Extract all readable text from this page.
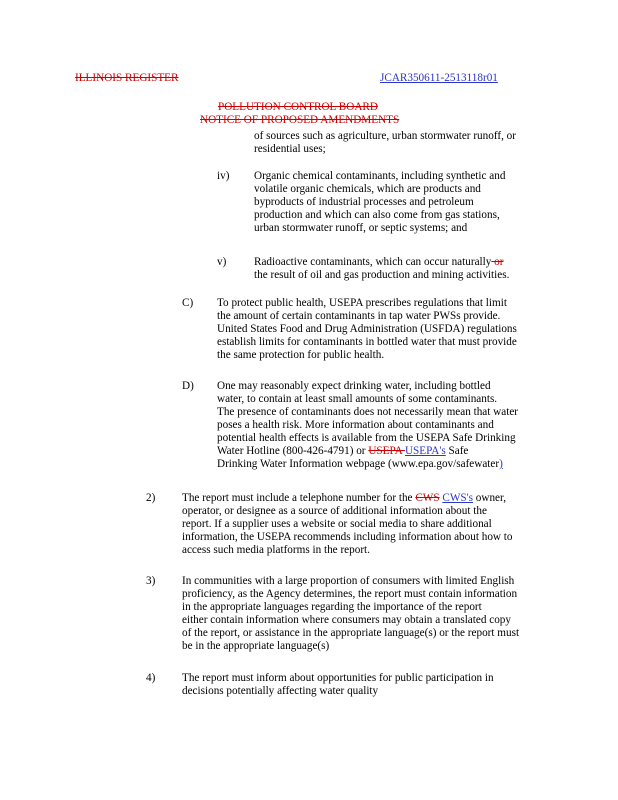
ILLINOIS REGISTER	JCAR350611-2513118r01
POLLUTION CONTROL BOARD
NOTICE OF PROPOSED AMENDMENTS
of sources such as agriculture, urban stormwater runoff, or
residential uses;
iv) Organic chemical contaminants, including synthetic and
volatile organic chemicals, which are products and
byproducts of industrial processes and petroleum
production and which can also come from gas stations,
urban stormwater runoff, or septic systems; and
v) Radioactive contaminants, which can occur naturally or
the result of oil and gas production and mining activities.
C) To protect public health, USEPA prescribes regulations that limit
the amount of certain contaminants in tap water PWSs provide.
United States Food and Drug Administration (USFDA) regulations
establish limits for contaminants in bottled water that must provide
the same protection for public health.
D) One may reasonably expect drinking water, including bottled
water, to contain at least small amounts of some contaminants.
The presence of contaminants does not necessarily mean that water
poses a health risk. More information about contaminants and
potential health effects is available from the USEPA Safe Drinking
Water Hotline (800-426-4791) or USEPA USEPA's Safe
Drinking Water Information webpage (www.epa.gov/safewater)
2) The report must include a telephone number for the CWS CWS's owner,
operator, or designee as a source of additional information about the
report. If a supplier uses a website or social media to share additional
information, the USEPA recommends including information about how to
access such media platforms in the report.
3) In communities with a large proportion of consumers with limited English
proficiency, as the Agency determines, the report must contain information
in the appropriate languages regarding the importance of the report
either contain information where consumers may obtain a translated copy
of the report, or assistance in the appropriate language(s) or the report must
be in the appropriate language(s)
4) The report must inform about opportunities for public participation in
decisions potentially affecting water quality
